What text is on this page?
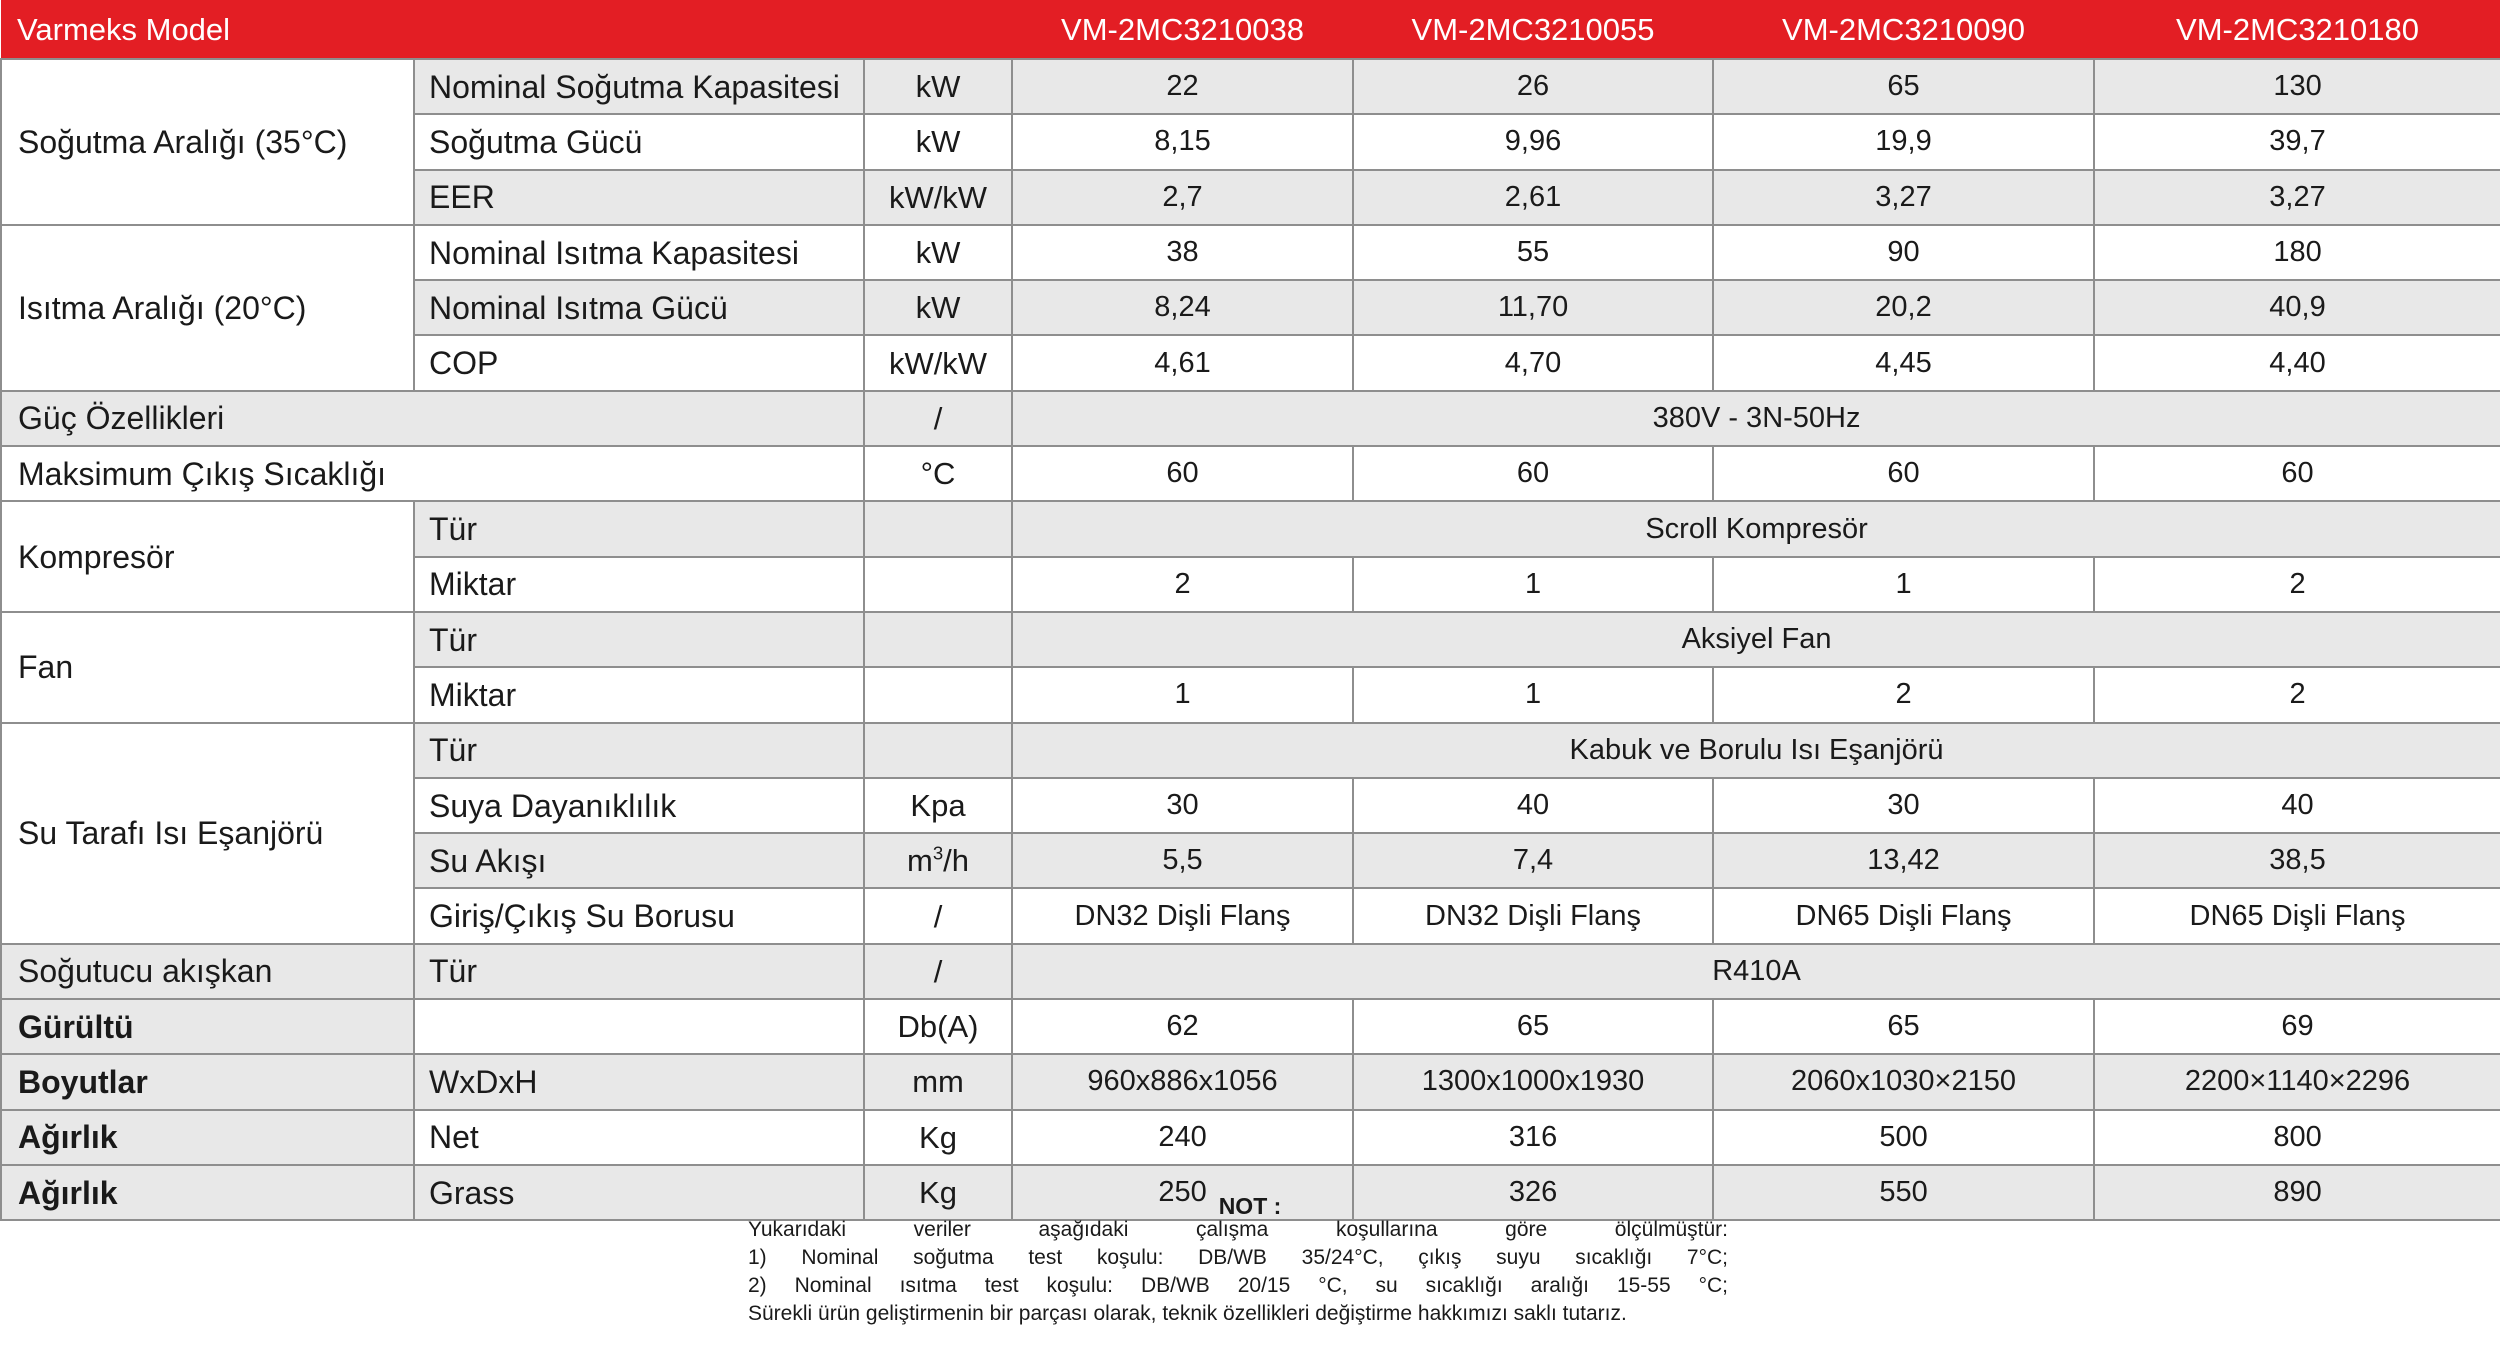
Varmeks Model			VM-2MC3210038	VM-2MC3210055	VM-2MC3210090	VM-2MC3210180
Soğutma Aralığı (35°C)	Nominal Soğutma Kapasitesi	kW	22	26	65	130
	Soğutma Gücü	kW	8,15	9,96	19,9	39,7
	EER	kW/kW	2,7	2,61	3,27	3,27
Isıtma Aralığı (20°C)	Nominal Isıtma Kapasitesi	kW	38	55	90	180
	Nominal Isıtma Gücü	kW	8,24	11,70	20,2	40,9
	COP	kW/kW	4,61	4,70	4,45	4,40
Güç Özellikleri		/	380V - 3N-50Hz			
Maksimum Çıkış Sıcaklığı		°C	60	60	60	60
Kompresör	Tür		Scroll Kompresör			
	Miktar		2	1	1	2
Fan	Tür		Aksiyel Fan			
	Miktar		1	1	2	2
Su Tarafı Isı Eşanjörü	Tür		Kabuk ve Borulu Isı Eşanjörü			
	Suya Dayanıklılık	Kpa	30	40	30	40
	Su Akışı	$m^3/h$	5,5	7,4	13,42	38,5
	Giriş/Çıkış Su Borusu	/	DN32 Dişli Flanş	DN32 Dişli Flanş	DN65 Dişli Flanş	DN65 Dişli Flanş
Soğutucu akışkan	Tür	/	R410A			
Gürültü		Db(A)	62	65	65	69
Boyutlar	WxDxH	mm	960x886x1056	1300x1000x1930	2060x1030×2150	2200×1140×2296
Ağırlık	Net	Kg	240	316	500	800
Ağırlık	Grass	Kg	250	326	550	890
NOT :
Yukarıdaki veriler aşağıdaki çalışma koşullarına göre ölçülmüştür:
1) Nominal soğutma test koşulu: DB/WB 35/24°C, çıkış suyu sıcaklığı 7°C;
2) Nominal ısıtma test koşulu: DB/WB 20/15 °C, su sıcaklığı aralığı 15-55 °C;
Sürekli ürün geliştirmenin bir parçası olarak, teknik özellikleri değiştirme hakkımızı saklı tutarız.
